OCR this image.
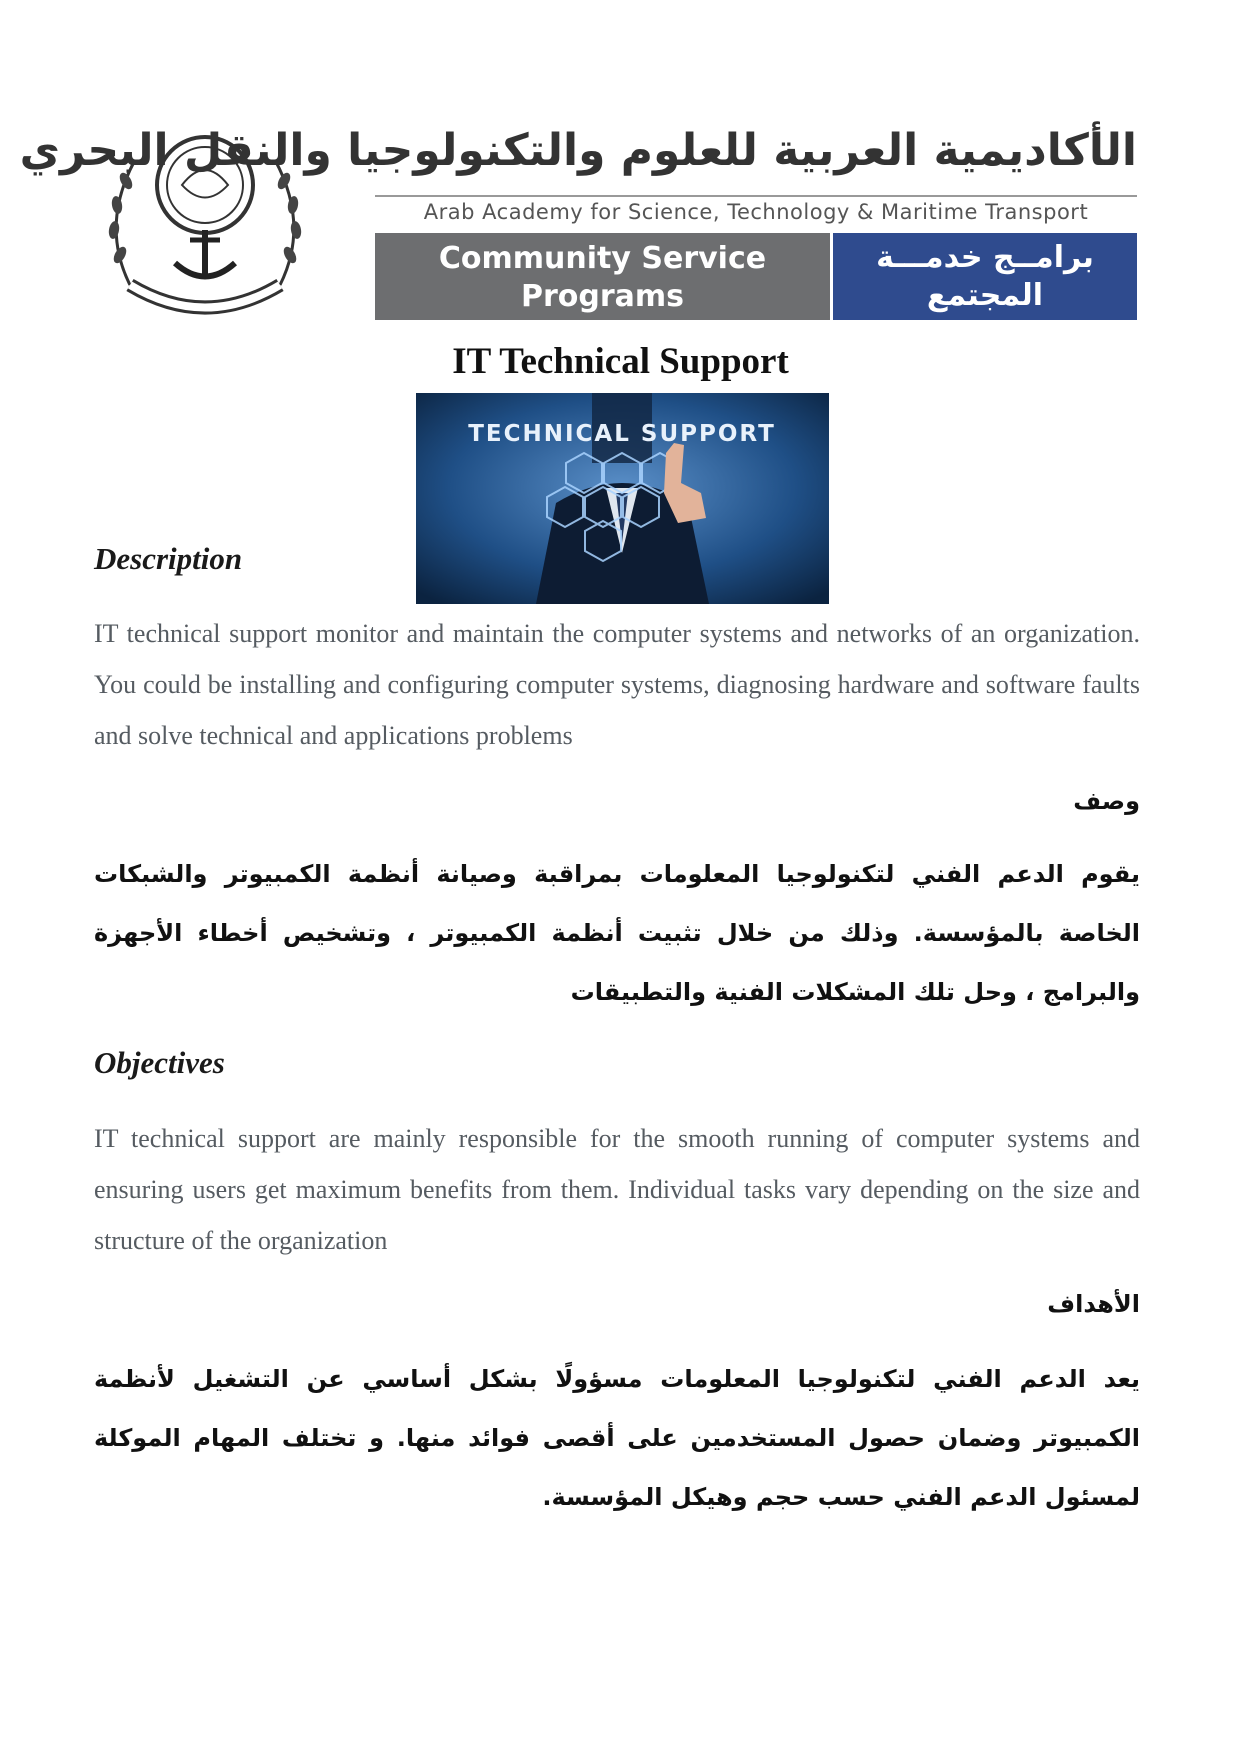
الأكاديمية العربية للعلوم والتكنولوجيا والنقل البحري
Arab Academy for Science, Technology & Maritime Transport
Community Service Programs
& Continuing Education
برامــج خدمـــة المجتمع
و التعليم المستمر
IT Technical Support
TECHNICAL SUPPORT
Description

IT technical support monitor and maintain the computer systems and networks of an organization. You could be installing and configuring computer systems, diagnosing hardware and software faults and solve technical and applications problems

وصف

يقوم الدعم الفني لتكنولوجيا المعلومات بمراقبة وصيانة أنظمة الكمبيوتر والشبكات الخاصة بالمؤسسة. وذلك من خلال تثبيت أنظمة الكمبيوتر ، وتشخيص أخطاء الأجهزة والبرامج ، وحل تلك المشكلات الفنية والتطبيقات

Objectives

IT technical support are mainly responsible for the smooth running of computer systems and ensuring users get maximum benefits from them. Individual tasks vary depending on the size and structure of the organization

الأهداف

يعد الدعم الفني لتكنولوجيا المعلومات مسؤولًا بشكل أساسي عن التشغيل لأنظمة الكمبيوتر وضمان حصول المستخدمين على أقصى فوائد منها. و تختلف المهام الموكلة لمسئول الدعم الفني حسب حجم وهيكل المؤسسة.
